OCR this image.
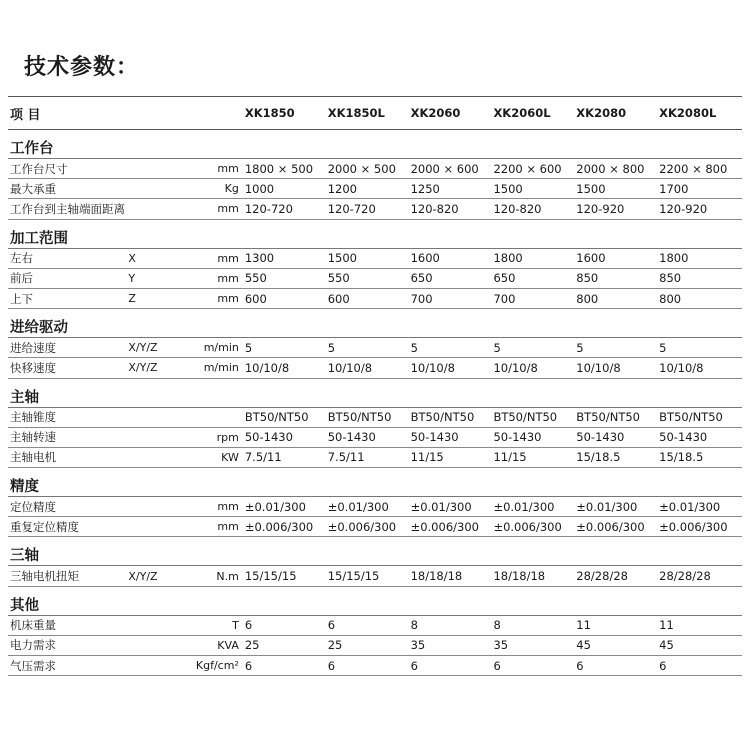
技术参数：
项 目	XK1850	XK1850L	XK2060	XK2060L	XK2080	XK2080L
工作台
工作台尺寸	mm 1800 × 500	2000 × 500	2000 × 600	2200 × 600	2000 × 800	2200 × 800
最大承重	Kg 1000	1200	1250	1500	1500	1700
工作台到主轴端面距离	mm 120-720	120-720	120-820	120-820	120-920	120-920
加工范围
左右	X	mm 1300	1500	1600	1800	1600	1800
前后	Y	mm 550	550	650	650	850	850
上下	Z	mm 600	600	700	700	800	800
进给驱动
进给速度	X/Y/Z	m/min 5	5	5	5	5	5
快移速度	X/Y/Z	m/min 10/10/8	10/10/8	10/10/8	10/10/8	10/10/8	10/10/8
主轴
主轴锥度	BT50/NT50	BT50/NT50	BT50/NT50	BT50/NT50	BT50/NT50	BT50/NT50
主轴转速	rpm 50-1430	50-1430	50-1430	50-1430	50-1430	50-1430
主轴电机	KW 7.5/11	7.5/11	11/15	11/15	15/18.5	15/18.5
精度
定位精度	mm ±0.01/300	±0.01/300	±0.01/300	±0.01/300	±0.01/300	±0.01/300
重复定位精度	mm ±0.006/300	±0.006/300	±0.006/300	±0.006/300	±0.006/300	±0.006/300
三轴
三轴电机扭矩	X/Y/Z	N.m 15/15/15	15/15/15	18/18/18	18/18/18	28/28/28	28/28/28
其他
机床重量	T 6	6	8	8	11	11
电力需求	KVA 25	25	35	35	45	45
气压需求	Kgf/cm² 6	6	6	6	6	6
